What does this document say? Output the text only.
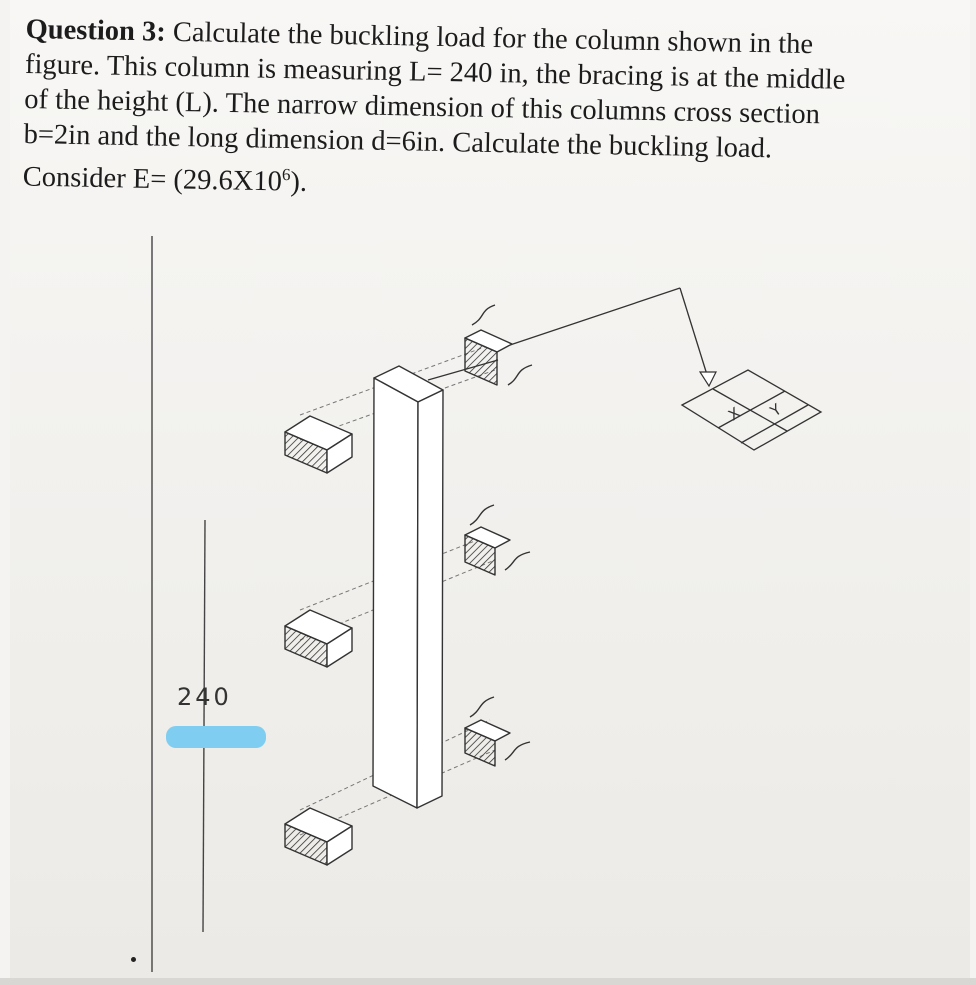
Question 3: Calculate the buckling load for the column shown in the
figure. This column is measuring L= 240 in, the bracing is at the middle
of the height (L). The narrow dimension of this columns cross section
b=2in and the long dimension d=6in. Calculate the buckling load.
Consider $E= (29.6X10^6)$.

X Y
240
